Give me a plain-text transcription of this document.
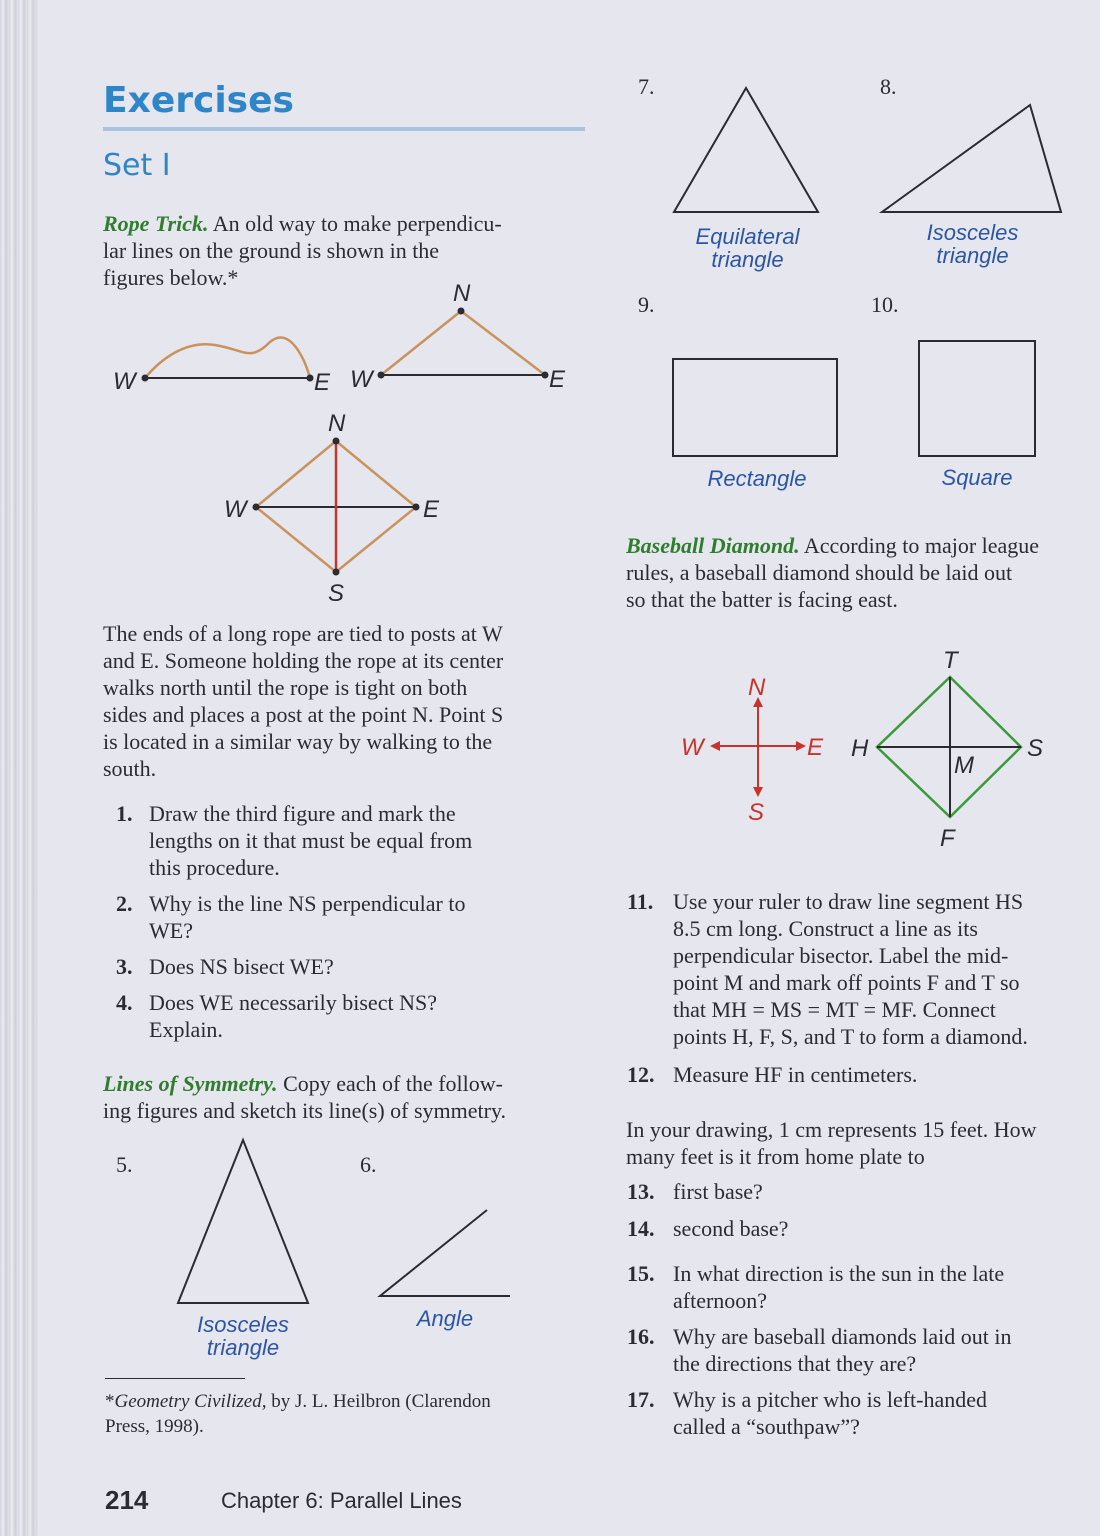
Exercises
Set I
Rope Trick. An old way to make perpendicu-
lar lines on the ground is shown in the
figures below.*
W	E W	E
N
W	E
N
S
N
S
E
W
T
H	S
F
M
The ends of a long rope are tied to posts at W
and E. Someone holding the rope at its center
walks north until the rope is tight on both
sides and places a post at the point N. Point S
is located in a similar way by walking to the
south.
1. Draw the third figure and mark the
lengths on it that must be equal from
this procedure.
2. Why is the line NS perpendicular to
WE?
3. Does NS bisect WE?
4. Does WE necessarily bisect NS?
Explain.
Lines of Symmetry. Copy each of the follow-
ing figures and sketch its line(s) of symmetry.
5.	6.
7.	8.
9.	10.
Isosceles
triangle
Angle
Equilateral
triangle
Isosceles
triangle
Rectangle	Square
*Geometry Civilized, by J. L. Heilbron (Clarendon
Press, 1998).
214	Chapter 6: Parallel Lines
Baseball Diamond. According to major league
rules, a baseball diamond should be laid out
so that the batter is facing east.
11. Use your ruler to draw line segment HS
8.5 cm long. Construct a line as its
perpendicular bisector. Label the mid-
point M and mark off points F and T so
that MH = MS = MT = MF. Connect
points H, F, S, and T to form a diamond.
12. Measure HF in centimeters.
In your drawing, 1 cm represents 15 feet. How
many feet is it from home plate to
13. first base?
14. second base?
15. In what direction is the sun in the late
afternoon?
16. Why are baseball diamonds laid out in
the directions that they are?
17. Why is a pitcher who is left-handed
called a “southpaw”?
